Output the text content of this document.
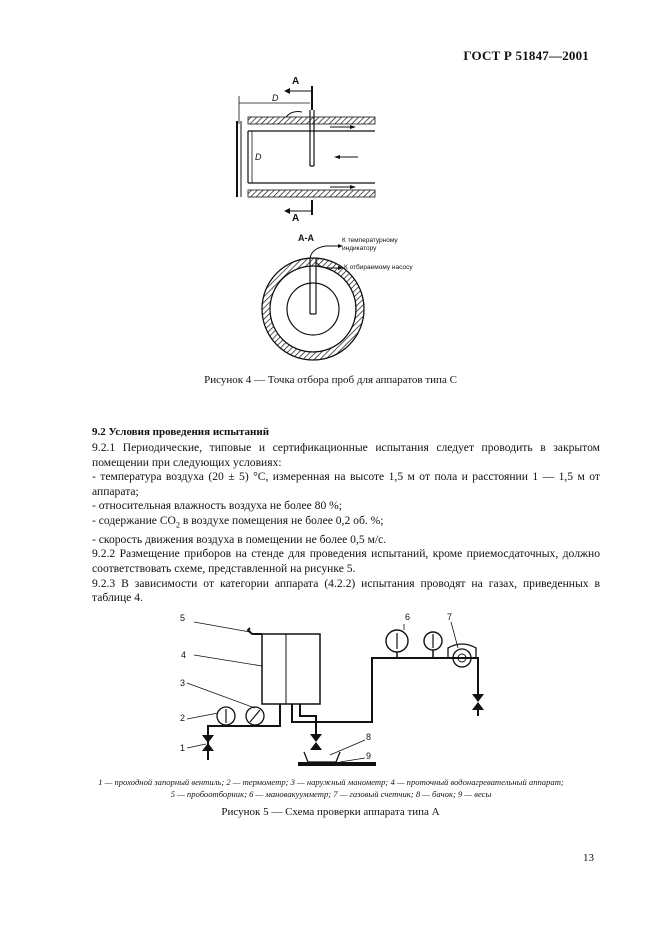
ГОСТ Р 51847—2001
A
D
D
A
А-А	К температурному индикатору
К отбираемому насосу
Рисунок 4 — Точка отбора проб для аппаратов типа С
9.2 Условия проведения испытаний

9.2.1 Периодические, типовые и сертификационные испытания следует проводить в закрытом помещении при следующих условиях:

- температура воздуха (20 ± 5) °С, измеренная на высоте 1,5 м от пола и расстоянии 1 — 1,5 м от аппарата;

- относительная влажность воздуха не более 80 %;

- содержание $CO_2$ в воздухе помещения не более 0,2 об. %;

- скорость движения воздуха в помещении не более 0,5 м/с.

9.2.2 Размещение приборов на стенде для проведения испытаний, кроме приемосдаточных, должно соответствовать схеме, представленной на рисунке 5.

9.2.3 В зависимости от категории аппарата (4.2.2) испытания проводят на газах, приведенных в таблице 4.

5
4
3
2
1
6	7
8
9
1 — проходной запорный вентиль; 2 — термометр; 3 — наружный манометр; 4 — проточный водонагревательный аппарат;
5 — пробоотборник; 6 — мановакуумметр; 7 — газовый счетчик; 8 — бачок; 9 — весы
Рисунок 5 — Схема проверки аппарата типа А
13
